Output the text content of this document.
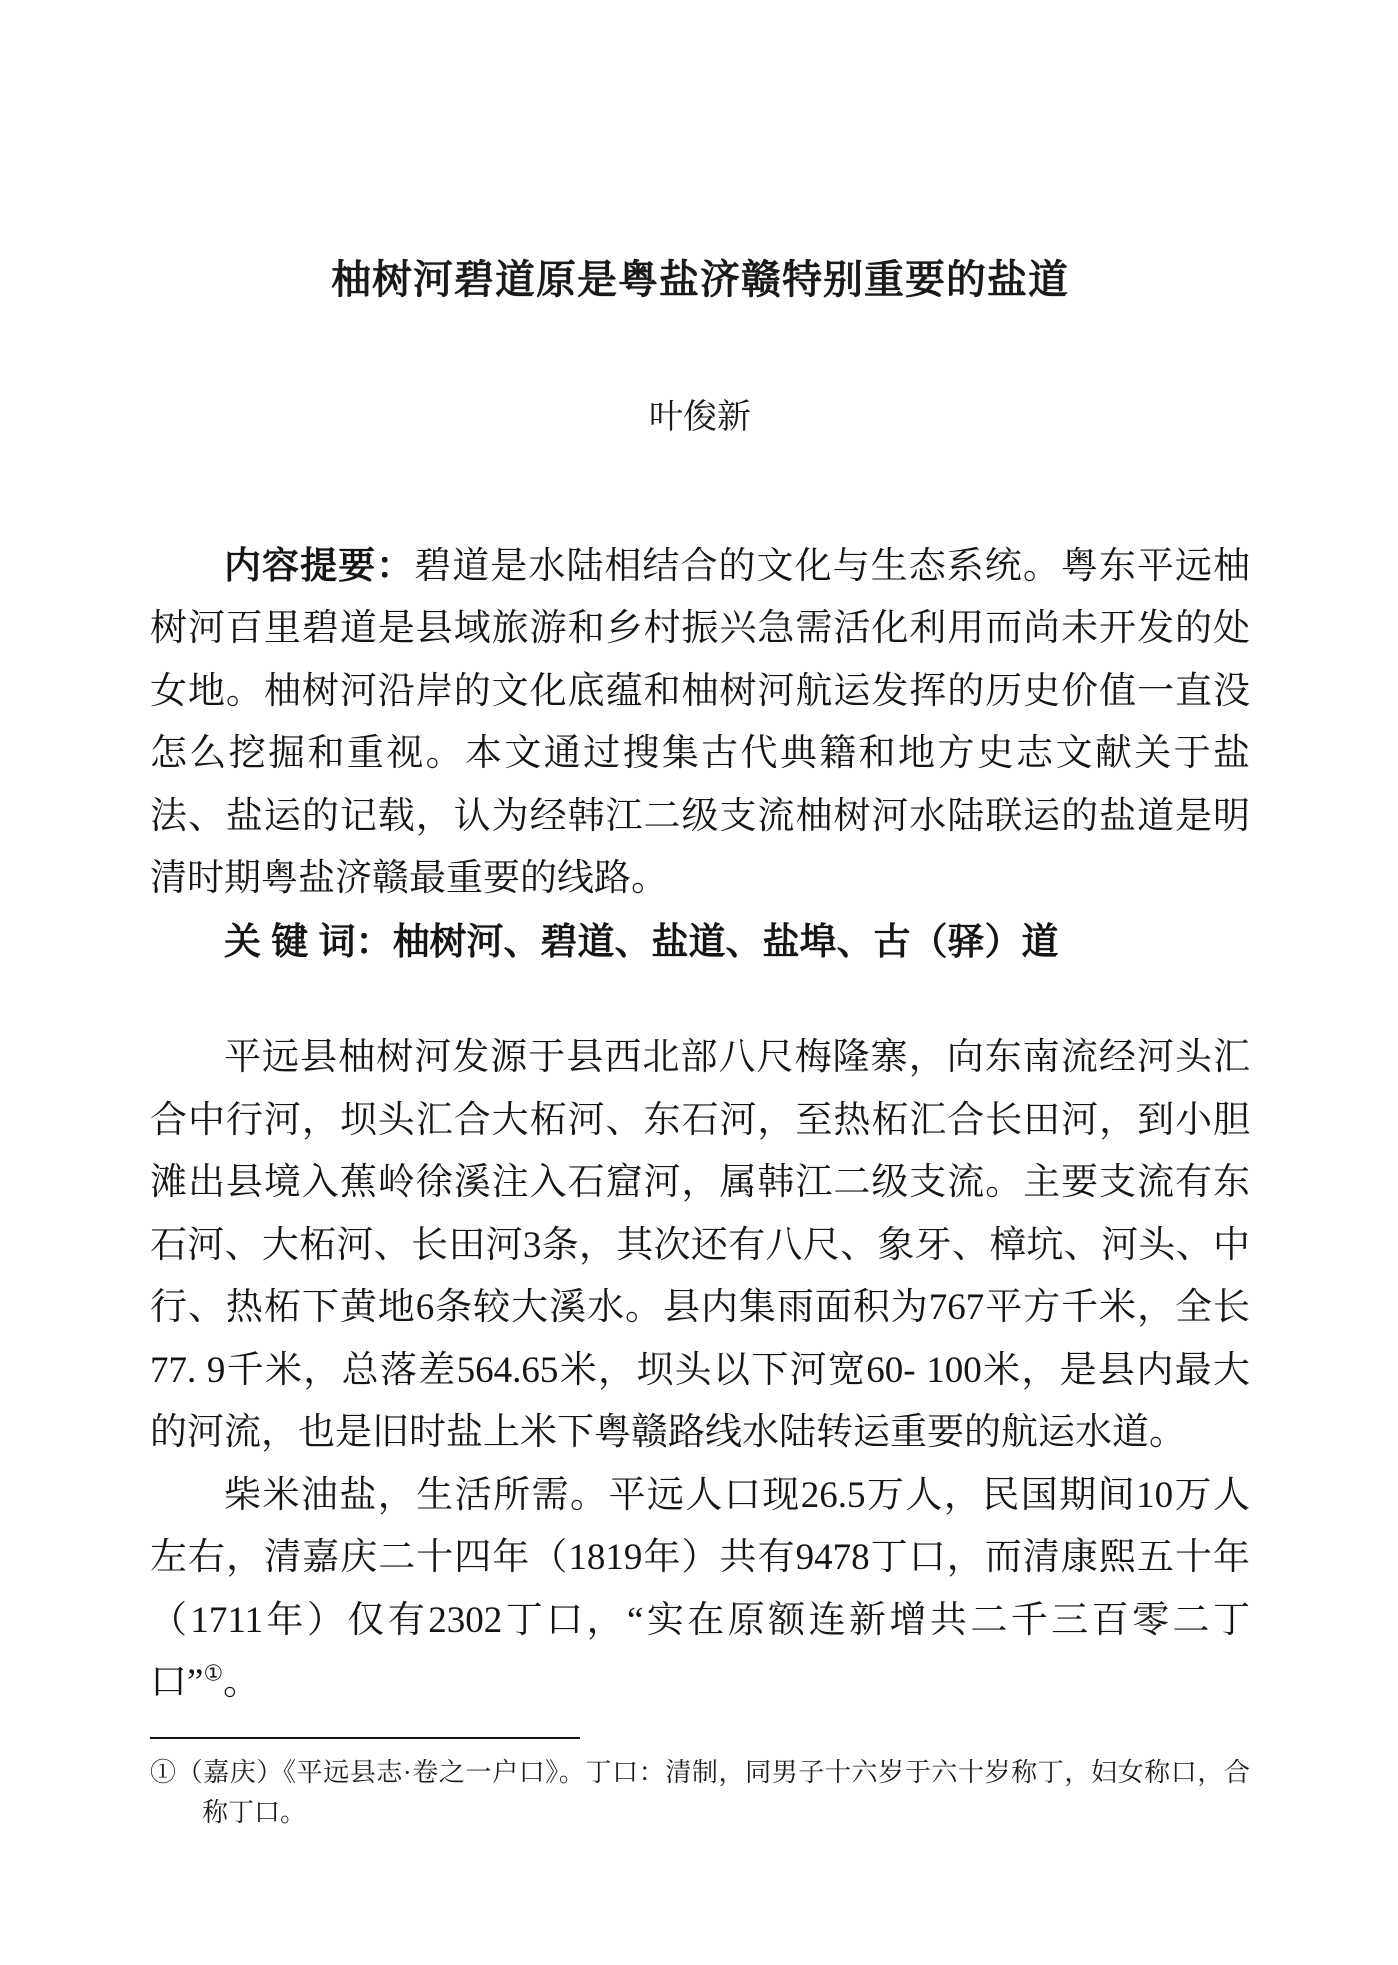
柚树河碧道原是粤盐济赣特别重要的盐道
叶俊新
内容提要：碧道是水陆相结合的文化与生态系统。粤东平远柚树河百里碧道是县域旅游和乡村振兴急需活化利用而尚未开发的处女地。柚树河沿岸的文化底蕴和柚树河航运发挥的历史价值一直没怎么挖掘和重视。本文通过搜集古代典籍和地方史志文献关于盐法、盐运的记载，认为经韩江二级支流柚树河水陆联运的盐道是明清时期粤盐济赣最重要的线路。
关 键 词：柚树河、碧道、盐道、盐埠、古（驿）道
平远县柚树河发源于县西北部八尺梅隆寨，向东南流经河头汇合中行河，坝头汇合大柘河、东石河，至热柘汇合长田河，到小胆滩出县境入蕉岭徐溪注入石窟河，属韩江二级支流。主要支流有东石河、大柘河、长田河3条，其次还有八尺、象牙、樟坑、河头、中行、热柘下黄地6条较大溪水。县内集雨面积为767平方千米，全长77. 9千米，总落差564.65米，坝头以下河宽60- 100米，是县内最大的河流，也是旧时盐上米下粤赣路线水陆转运重要的航运水道。
柴米油盐，生活所需。平远人口现26.5万人，民国期间10万人左右，清嘉庆二十四年（1819年）共有9478丁口，而清康熙五十年（1711年）仅有2302丁口，“实在原额连新增共二千三百零二丁口”①。
①（嘉庆）《平远县志·卷之一户口》。丁口：清制，同男子十六岁于六十岁称丁，妇女称口，合称丁口。
